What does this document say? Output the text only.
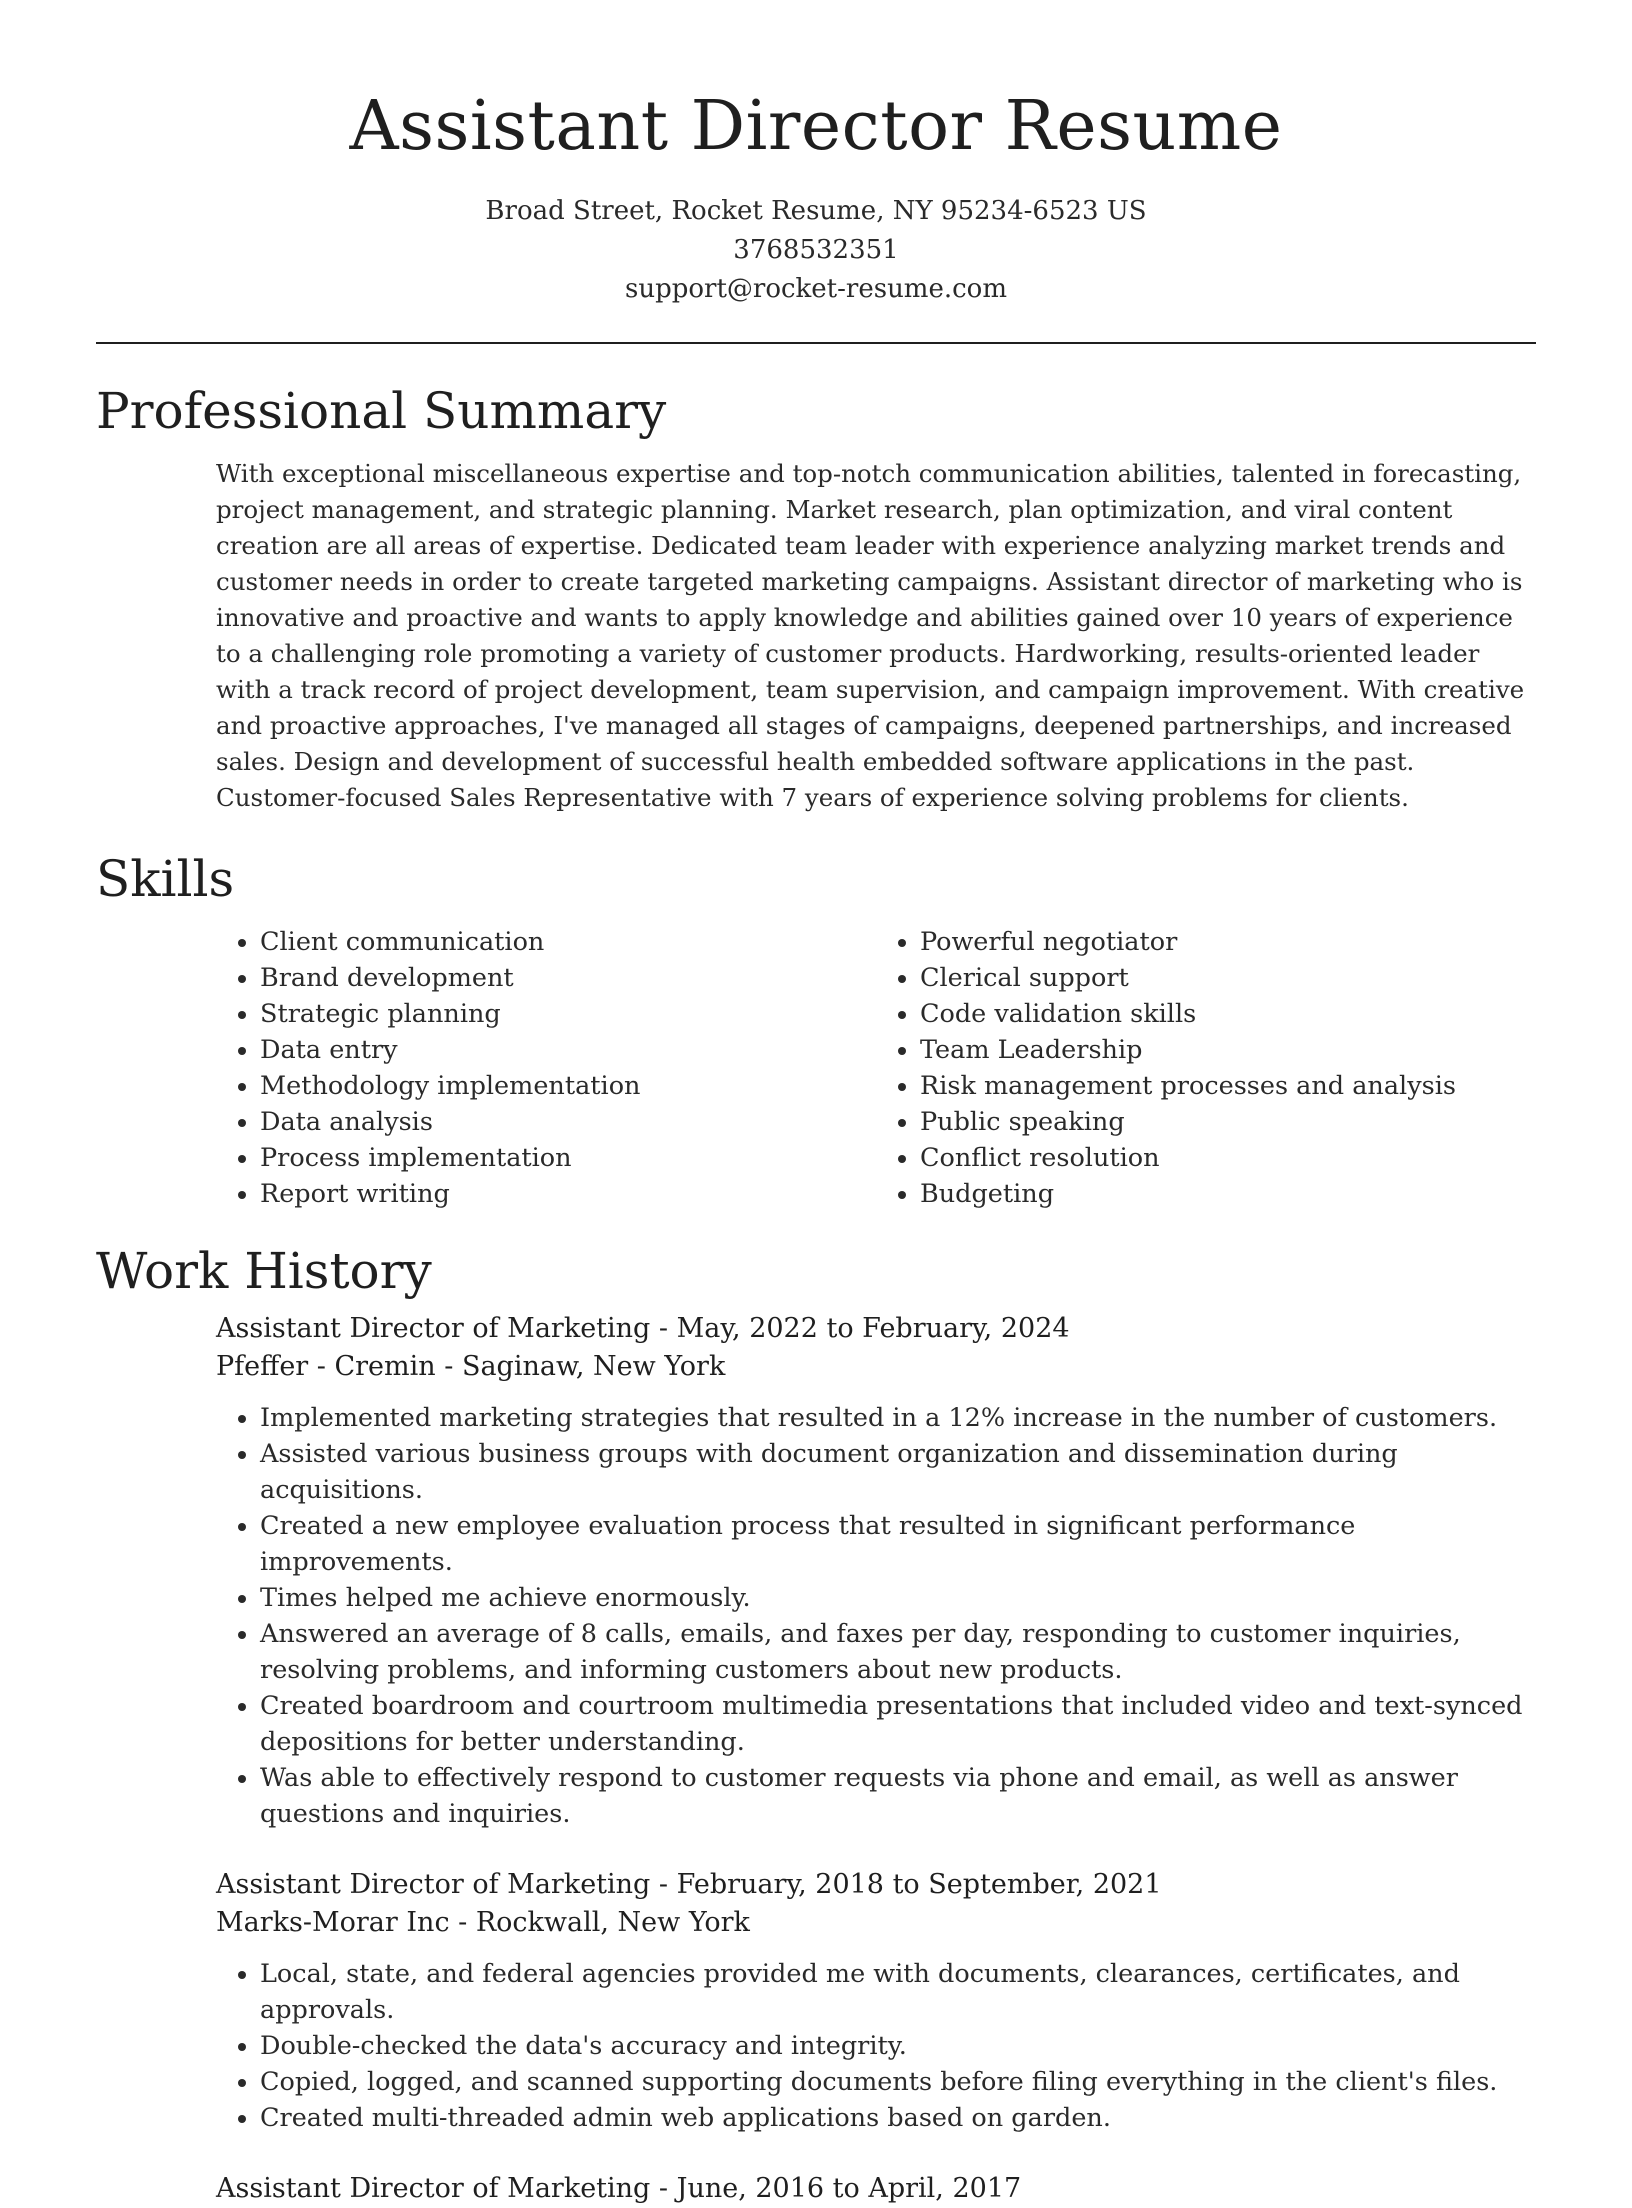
Assistant Director Resume
Broad Street, Rocket Resume, NY 95234-6523 US
3768532351
support@rocket-resume.com
Professional Summary
With exceptional miscellaneous expertise and top-notch communication abilities, talented in forecasting, project management, and strategic planning. Market research, plan optimization, and viral content creation are all areas of expertise. Dedicated team leader with experience analyzing market trends and customer needs in order to create targeted marketing campaigns. Assistant director of marketing who is innovative and proactive and wants to apply knowledge and abilities gained over 10 years of experience to a challenging role promoting a variety of customer products. Hardworking, results-oriented leader with a track record of project development, team supervision, and campaign improvement. With creative and proactive approaches, I've managed all stages of campaigns, deepened partnerships, and increased sales. Design and development of successful health embedded software applications in the past. Customer-focused Sales Representative with 7 years of experience solving problems for clients.
Skills
• Client communication
• Brand development
• Strategic planning
• Data entry
• Methodology implementation
• Data analysis
• Process implementation
• Report writing
• Powerful negotiator
• Clerical support
• Code validation skills
• Team Leadership
• Risk management processes and analysis
• Public speaking
• Conflict resolution
• Budgeting
Work History
Assistant Director of Marketing - May, 2022 to February, 2024
Pfeffer - Cremin - Saginaw, New York
• Implemented marketing strategies that resulted in a 12% increase in the number of customers.
• Assisted various business groups with document organization and dissemination during acquisitions.
• Created a new employee evaluation process that resulted in significant performance improvements.
• Times helped me achieve enormously.
• Answered an average of 8 calls, emails, and faxes per day, responding to customer inquiries, resolving problems, and informing customers about new products.
• Created boardroom and courtroom multimedia presentations that included video and text-synced depositions for better understanding.
• Was able to effectively respond to customer requests via phone and email, as well as answer questions and inquiries.
Assistant Director of Marketing - February, 2018 to September, 2021
Marks-Morar Inc - Rockwall, New York
• Local, state, and federal agencies provided me with documents, clearances, certificates, and approvals.
• Double-checked the data's accuracy and integrity.
• Copied, logged, and scanned supporting documents before filing everything in the client's files.
• Created multi-threaded admin web applications based on garden.
Assistant Director of Marketing - June, 2016 to April, 2017
